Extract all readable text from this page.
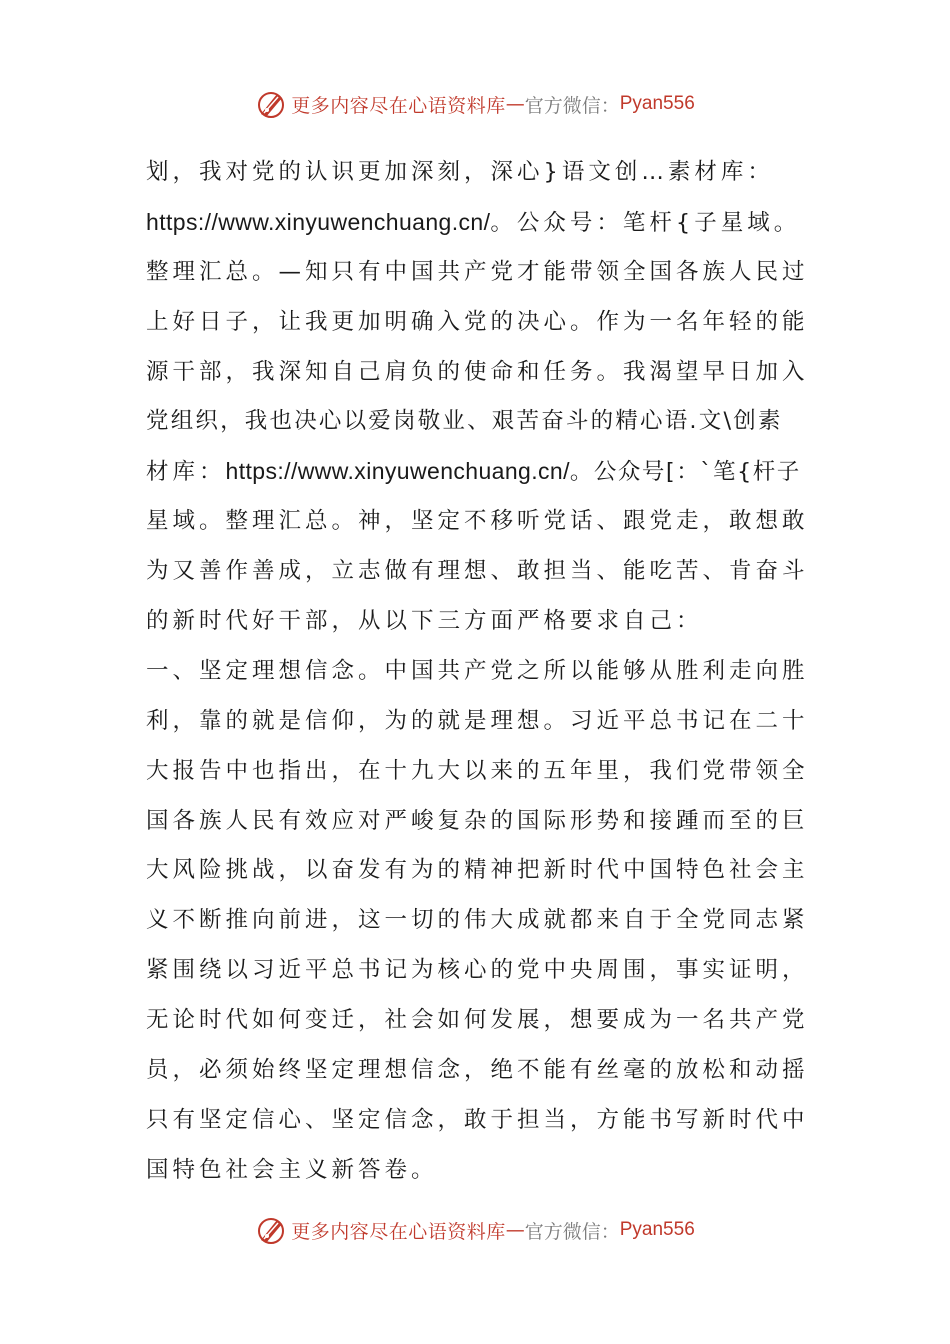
更多内容尽在心语资料库 — 官方微信： Pyan556
划，我对党的认识更加深刻，深心}语文创…素材库：
https://www.xinyuwenchuang.cn/。公众号：笔杆{子星域。
整理汇总。—知只有中国共产党才能带领全国各族人民过
上好日子，让我更加明确入党的决心。作为一名年轻的能
源干部，我深知自己肩负的使命和任务。我渴望早日加入
党组织，我也决心以爱岗敬业、艰苦奋斗的精心语.文\创素
材库：https://www.xinyuwenchuang.cn/。公众号[：`笔{杆子
星域。整理汇总。神，坚定不移听党话、跟党走，敢想敢
为又善作善成，立志做有理想、敢担当、能吃苦、肯奋斗
的新时代好干部，从以下三方面严格要求自己：
一、坚定理想信念。中国共产党之所以能够从胜利走向胜
利，靠的就是信仰，为的就是理想。习近平总书记在二十
大报告中也指出，在十九大以来的五年里，我们党带领全
国各族人民有效应对严峻复杂的国际形势和接踵而至的巨
大风险挑战，以奋发有为的精神把新时代中国特色社会主
义不断推向前进，这一切的伟大成就都来自于全党同志紧
紧围绕以习近平总书记为核心的党中央周围，事实证明，
无论时代如何变迁，社会如何发展，想要成为一名共产党
员，必须始终坚定理想信念，绝不能有丝毫的放松和动摇
只有坚定信心、坚定信念，敢于担当，方能书写新时代中
国特色社会主义新答卷。
更多内容尽在心语资料库 — 官方微信： Pyan556
